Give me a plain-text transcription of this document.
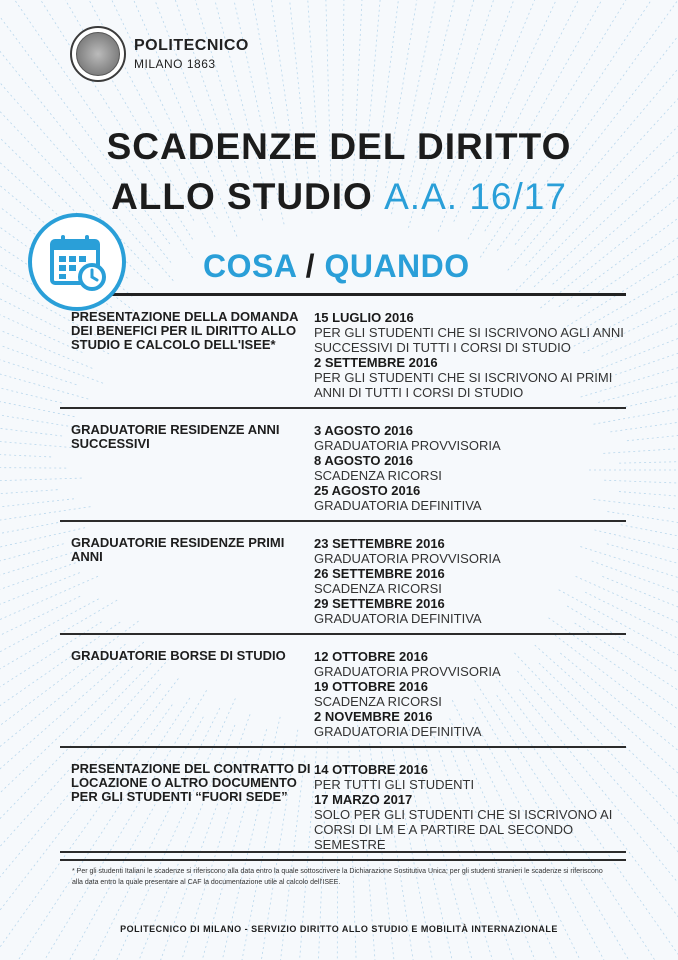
POLITECNICO
MILANO 1863
SCADENZE DEL DIRITTO
ALLO STUDIO A.A. 16/17
COSA / QUANDO
PRESENTAZIONE DELLA DOMANDA DEI BENEFICI PER IL DIRITTO ALLO STUDIO E CALCOLO DELL'ISEE*
15 LUGLIO 2016
PER GLI STUDENTI CHE SI ISCRIVONO AGLI ANNI SUCCESSIVI DI TUTTI I CORSI DI STUDIO
2 SETTEMBRE 2016
PER GLI STUDENTI CHE SI ISCRIVONO AI PRIMI ANNI DI TUTTI I CORSI DI STUDIO
GRADUATORIE RESIDENZE ANNI SUCCESSIVI
3 AGOSTO 2016
GRADUATORIA PROVVISORIA
8 AGOSTO 2016
SCADENZA RICORSI
25 AGOSTO 2016
GRADUATORIA DEFINITIVA
GRADUATORIE RESIDENZE PRIMI ANNI
23 SETTEMBRE 2016
GRADUATORIA PROVVISORIA
26 SETTEMBRE 2016
SCADENZA RICORSI
29 SETTEMBRE 2016
GRADUATORIA DEFINITIVA
GRADUATORIE BORSE DI STUDIO	12 OTTOBRE 2016
GRADUATORIA PROVVISORIA
19 OTTOBRE 2016
SCADENZA RICORSI
2 NOVEMBRE 2016
GRADUATORIA DEFINITIVA
PRESENTAZIONE DEL CONTRATTO DI LOCAZIONE O ALTRO DOCUMENTO PER GLI STUDENTI “FUORI SEDE”
14 OTTOBRE 2016
PER TUTTI GLI STUDENTI
17 MARZO 2017
SOLO PER GLI STUDENTI CHE SI ISCRIVONO AI CORSI DI LM E A PARTIRE DAL SECONDO SEMESTRE
* Per gli studenti Italiani le scadenze si riferiscono alla data entro la quale sottoscrivere la Dichiarazione Sostitutiva Unica; per gli studenti stranieri le scadenze si riferiscono alla data entro la quale presentare al CAF la documentazione utile al calcolo dell'ISEE.
POLITECNICO DI MILANO - SERVIZIO DIRITTO ALLO STUDIO E MOBILITÀ INTERNAZIONALE
